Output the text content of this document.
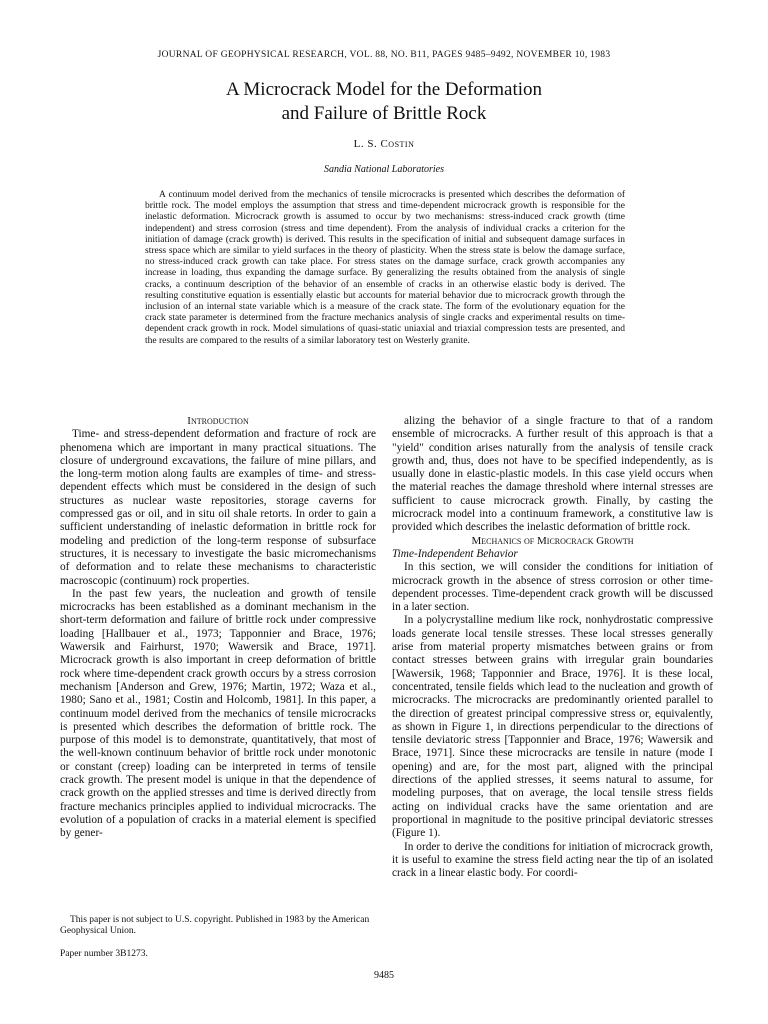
JOURNAL OF GEOPHYSICAL RESEARCH, VOL. 88, NO. B11, PAGES 9485–9492, NOVEMBER 10, 1983
A Microcrack Model for the Deformation
and Failure of Brittle Rock
L. S. Costin
Sandia National Laboratories
A continuum model derived from the mechanics of tensile microcracks is presented which describes the deformation of brittle rock. The model employs the assumption that stress and time-dependent microcrack growth is responsible for the inelastic deformation. Microcrack growth is assumed to occur by two mechanisms: stress-induced crack growth (time independent) and stress corrosion (stress and time dependent). From the analysis of individual cracks a criterion for the initiation of damage (crack growth) is derived. This results in the specification of initial and subsequent damage surfaces in stress space which are similar to yield surfaces in the theory of plasticity. When the stress state is below the damage surface, no stress-induced crack growth can take place. For stress states on the damage surface, crack growth accompanies any increase in loading, thus expanding the damage surface. By generalizing the results obtained from the analysis of single cracks, a continuum description of the behavior of an ensemble of cracks in an otherwise elastic body is derived. The resulting constitutive equation is essentially elastic but accounts for material behavior due to microcrack growth through the inclusion of an internal state variable which is a measure of the crack state. The form of the evolutionary equation for the crack state parameter is determined from the fracture mechanics analysis of single cracks and experimental results on time-dependent crack growth in rock. Model simulations of quasi-static uniaxial and triaxial compression tests are presented, and the results are compared to the results of a similar laboratory test on Westerly granite.

Introduction

Time- and stress-dependent deformation and fracture of rock are phenomena which are important in many practical situations. The closure of underground excavations, the failure of mine pillars, and the long-term motion along faults are examples of time- and stress-dependent effects which must be considered in the design of such structures as nuclear waste repositories, storage caverns for compressed gas or oil, and in situ oil shale retorts. In order to gain a sufficient understanding of inelastic deformation in brittle rock for modeling and prediction of the long-term response of subsurface structures, it is necessary to investigate the basic micromechanisms of deformation and to relate these mechanisms to characteristic macroscopic (continuum) rock properties.

In the past few years, the nucleation and growth of tensile microcracks has been established as a dominant mechanism in the short-term deformation and failure of brittle rock under compressive loading [Hallbauer et al., 1973; Tapponnier and Brace, 1976; Wawersik and Fairhurst, 1970; Wawersik and Brace, 1971]. Microcrack growth is also important in creep deformation of brittle rock where time-dependent crack growth occurs by a stress corrosion mechanism [Anderson and Grew, 1976; Martin, 1972; Waza et al., 1980; Sano et al., 1981; Costin and Holcomb, 1981]. In this paper, a continuum model derived from the mechanics of tensile microcracks is presented which describes the deformation of brittle rock. The purpose of this model is to demonstrate, quantitatively, that most of the well-known continuum behavior of brittle rock under monotonic or constant (creep) loading can be interpreted in terms of tensile crack growth. The present model is unique in that the dependence of crack growth on the applied stresses and time is derived directly from fracture mechanics principles applied to individual microcracks. The evolution of a population of cracks in a material element is specified by gener-

alizing the behavior of a single fracture to that of a random ensemble of microcracks. A further result of this approach is that a "yield" condition arises naturally from the analysis of tensile crack growth and, thus, does not have to be specified independently, as is usually done in elastic-plastic models. In this case yield occurs when the material reaches the damage threshold where internal stresses are sufficient to cause microcrack growth. Finally, by casting the microcrack model into a continuum framework, a constitutive law is provided which describes the inelastic deformation of brittle rock.

Mechanics of Microcrack Growth

Time-Independent Behavior

In this section, we will consider the conditions for initiation of microcrack growth in the absence of stress corrosion or other time-dependent processes. Time-dependent crack growth will be discussed in a later section.

In a polycrystalline medium like rock, nonhydrostatic compressive loads generate local tensile stresses. These local stresses generally arise from material property mismatches between grains or from contact stresses between grains with irregular grain boundaries [Wawersik, 1968; Tapponnier and Brace, 1976]. It is these local, concentrated, tensile fields which lead to the nucleation and growth of microcracks. The microcracks are predominantly oriented parallel to the direction of greatest principal compressive stress or, equivalently, as shown in Figure 1, in directions perpendicular to the directions of tensile deviatoric stress [Tapponnier and Brace, 1976; Wawersik and Brace, 1971]. Since these microcracks are tensile in nature (mode I opening) and are, for the most part, aligned with the principal directions of the applied stresses, it seems natural to assume, for modeling purposes, that on average, the local tensile stress fields acting on individual cracks have the same orientation and are proportional in magnitude to the positive principal deviatoric stresses (Figure 1).

In order to derive the conditions for initiation of microcrack growth, it is useful to examine the stress field acting near the tip of an isolated crack in a linear elastic body. For coordi-

This paper is not subject to U.S. copyright. Published in 1983 by the American Geophysical Union.

Paper number 3B1273.

9485
